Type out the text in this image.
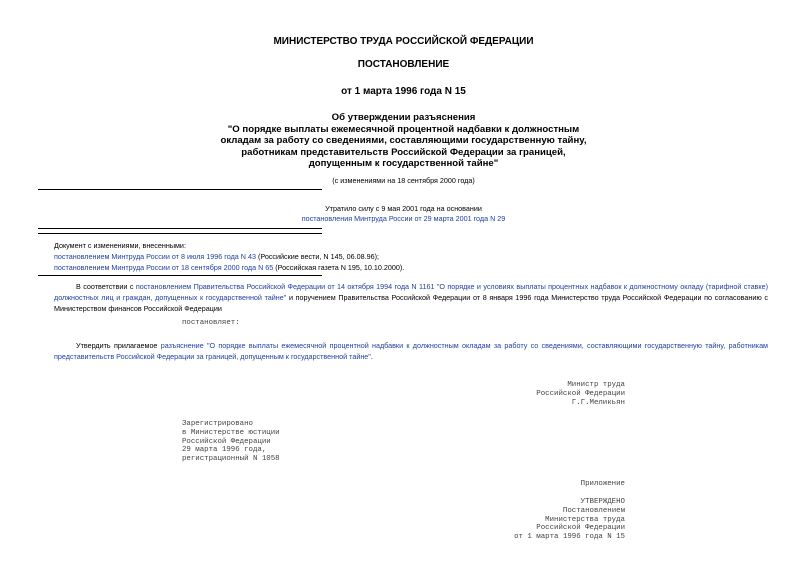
МИНИСТЕРСТВО ТРУДА РОССИЙСКОЙ ФЕДЕРАЦИИ
ПОСТАНОВЛЕНИЕ
от 1 марта 1996 года N 15
Об утверждении разъяснения
"О порядке выплаты ежемесячной процентной надбавки к должностным
окладам за работу со сведениями, составляющими государственную тайну,
работникам представительств Российской Федерации за границей,
допущенным к государственной тайне"
(с изменениями на 18 сентября 2000 года)
Утратило силу с 9 мая 2001 года на основании
постановления Минтруда России от 29 марта 2001 года N 29
Документ с изменениями, внесенными:
постановлением Минтруда России от 8 июля 1996 года N 43 (Российские вести, N 145, 06.08.96);
постановлением Минтруда России от 18 сентября 2000 года N 65 (Российская газета N 195, 10.10.2000).

В соответствии с постановлением Правительства Российской Федерации от 14 октября 1994 года N 1161 "О порядке и условиях выплаты процентных надбавок к должностному окладу (тарифной ставке) должностных лиц и граждан, допущенных к государственной тайне" и поручением Правительства Российской Федерации от 8 января 1996 года Министерство труда Российской Федерации по согласованию с Министерством финансов Российской Федерации

постановляет:

Утвердить прилагаемое разъяснение "О порядке выплаты ежемесячной процентной надбавки к должностным окладам за работу со сведениями, составляющими государственную тайну, работникам представительств Российской Федерации за границей, допущенным к государственной тайне".

Министр труда
Российской Федерации
Г.Г.Меликьян
Зарегистрировано
в Министерстве юстиции
Российской Федерации
29 марта 1996 года,
регистрационный N 1058
Приложение
УТВЕРЖДЕНО
Постановлением
Министерства труда
Российской Федерации
от 1 марта 1996 года N 15
